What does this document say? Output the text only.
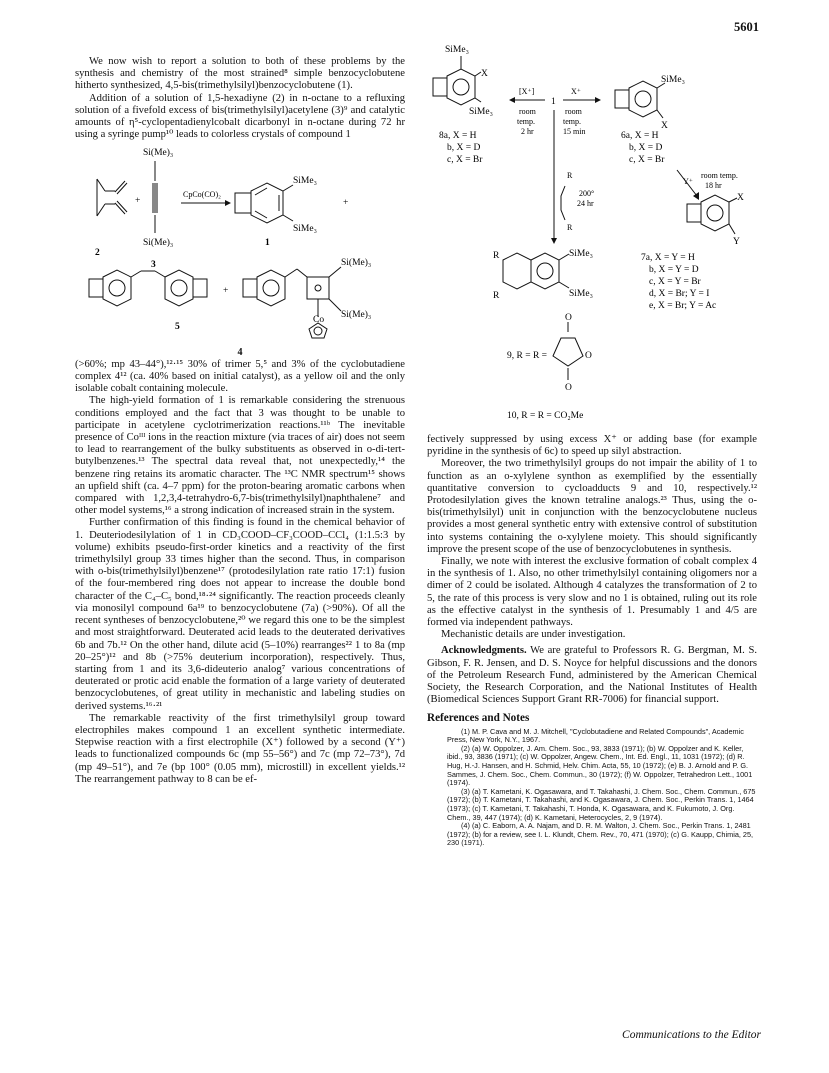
5601

We now wish to report a solution to both of these problems by the synthesis and chemistry of the most strained⁸ simple benzocyclobutene hitherto synthesized, 4,5-bis(trimethylsilyl)benzocyclobutene (1).

Addition of a solution of 1,5-hexadiyne (2) in n-octane to a refluxing solution of a fivefold excess of bis(trimethylsilyl)acetylene (3)⁹ and catalytic amounts of η⁵-cyclopentadienylcobalt dicarbonyl in n-octane during 72 hr using a syringe pump¹⁰ leads to colorless crystals of compound 1

2
+
Si(Me)₃
Si(Me)₃
3
CpCo(CO)₂
SiMe₃
SiMe₃
1
+
5
+
Si(Me)₃
Si(Me)₃
Co
4

(>60%; mp 43–44°),¹²·¹⁵ 30% of trimer 5,⁵ and 3% of the cyclobutadiene complex 4¹² (ca. 40% based on initial catalyst), as a yellow oil and the only isolable cobalt containing molecule.

The high-yield formation of 1 is remarkable considering the strenuous conditions employed and the fact that 3 was thought to be unable to participate in acetylene cyclotrimerization reactions.¹¹ᵇ The inevitable presence of Coᴵᴵᴵ ions in the reaction mixture (via traces of air) does not seem to lead to rearrangement of the bulky substituents as observed in o-di-tert-butylbenzenes.¹³ The spectral data reveal that, not unexpectedly,¹⁴ the benzene ring retains its aromatic character. The ¹³C NMR spectrum¹⁵ shows an upfield shift (ca. 4–7 ppm) for the proton-bearing aromatic carbons when compared with 1,2,3,4-tetrahydro-6,7-bis(trimethylsilyl)naphthalene⁷ and other model systems,¹⁶ a strong indication of increased strain in the system.

Further confirmation of this finding is found in the chemical behavior of 1. Deuteriodesilylation of 1 in CD₃COOD–CF₃COOD–CCl₄ (1:1.5:3 by volume) exhibits pseudo-first-order kinetics and a reactivity of the first trimethylsilyl group 33 times higher than the second. Thus, in comparison with o-bis(trimethylsilyl)benzene¹⁷ (protodesilylation rate ratio 17:1) fusion of the four-membered ring does not appear to increase the double bond character of the C₄–C₅ bond,¹⁸·²⁴ significantly. The reaction proceeds cleanly via monosilyl compound 6a¹⁹ to benzocyclobutene (7a) (>90%). Of all the recent syntheses of benzocyclobutene,²⁰ we regard this one to be the simplest and most straightforward. Deuterated acid leads to the deuterated derivatives 6b and 7b.¹² On the other hand, dilute acid (5–10%) rearranges²² 1 to 8a (mp 20–25°)¹² and 8b (>75% deuterium incorporation), respectively. Thus, starting from 1 and its 3,6-dideuterio analog⁷ various concentrations of deuterated or protic acid enable the formation of a large variety of deuterated benzocyclobutenes, of great utility in mechanistic and labeling studies on derived systems.¹⁶·²¹

The remarkable reactivity of the first trimethylsilyl group toward electrophiles makes compound 1 an excellent synthetic intermediate. Stepwise reaction with a first electrophile (X⁺) followed by a second (Y⁺) leads to functionalized compounds 6c (mp 55–56°) and 7c (mp 72–73°), 7d (mp 49–51°), and 7e (bp 100° (0.05 mm), microstill) in excellent yields.¹² The rearrangement pathway to 8 can be ef-

SiMe₃
X
SiMe₃
8a, X = H
b, X = D
c, X = Br
[X⁺]
1
X⁺
room
temp.
2 hr
room
temp.
15 min
R
R
200°
24 hr
SiMe₃
X
6a, X = H
b, X = D
c, X = Br
Y⁺
room temp.
18 hr
X
Y
R
R
SiMe₃
SiMe₃
7a, X = Y = H
b, X = Y = D
c, X = Y = Br
d, X = Br; Y = I
e, X = Br; Y = Ac
O
9, R = R =	O
O
10, R = R = CO₂Me

fectively suppressed by using excess X⁺ or adding base (for example pyridine in the synthesis of 6c) to speed up silyl abstraction.

Moreover, the two trimethylsilyl groups do not impair the ability of 1 to function as an o-xylylene synthon as exemplified by the essentially quantitative conversion to cycloadducts 9 and 10, respectively.¹² Protodesilylation gives the known tetraline analogs.²³ Thus, using the o-bis(trimethylsilyl) unit in conjunction with the benzocyclobutene nucleus provides a most general synthetic entry with extensive control of substitution into systems containing the o-xylylene moiety. This should significantly improve the present scope of the use of benzocyclobutenes in synthesis.

Finally, we note with interest the exclusive formation of cobalt complex 4 in the synthesis of 1. Also, no other trimethylsilyl containing oligomers nor a dimer of 2 could be isolated. Although 4 catalyzes the transformation of 2 to 5, the rate of this process is very slow and no 1 is obtained, ruling out its role as the effective catalyst in the synthesis of 1. Presumably 1 and 4/5 are formed via independent pathways.

Mechanistic details are under investigation.

Acknowledgments. We are grateful to Professors R. G. Bergman, M. S. Gibson, F. R. Jensen, and D. S. Noyce for helpful discussions and the donors of the Petroleum Research Fund, administered by the American Chemical Society, the Research Corporation, and the National Institutes of Health (Biomedical Sciences Support Grant RR-7006) for financial support.

References and Notes

(1) M. P. Cava and M. J. Mitchell, "Cyclobutadiene and Related Compounds", Academic Press, New York, N.Y., 1967.

(2) (a) W. Oppolzer, J. Am. Chem. Soc., 93, 3833 (1971); (b) W. Oppolzer and K. Keller, ibid., 93, 3836 (1971); (c) W. Oppolzer, Angew. Chem., Int. Ed. Engl., 11, 1031 (1972); (d) R. Hug, H.-J. Hansen, and H. Schmid, Helv. Chim. Acta, 55, 10 (1972); (e) B. J. Arnold and P. G. Sammes, J. Chem. Soc., Chem. Commun., 30 (1972); (f) W. Oppolzer, Tetrahedron Lett., 1001 (1974).

(3) (a) T. Kametani, K. Ogasawara, and T. Takahashi, J. Chem. Soc., Chem. Commun., 675 (1972); (b) T. Kametani, T. Takahashi, and K. Ogasawara, J. Chem. Soc., Perkin Trans. 1, 1464 (1973); (c) T. Kametani, T. Takahashi, T. Honda, K. Ogasawara, and K. Fukumoto, J. Org. Chem., 39, 447 (1974); (d) K. Kametani, Heterocycles, 2, 9 (1974).

(4) (a) C. Eaborn, A. A. Najam, and D. R. M. Walton, J. Chem. Soc., Perkin Trans. 1, 2481 (1972); (b) for a review, see I. L. Klundt, Chem. Rev., 70, 471 (1970); (c) G. Kaupp, Chimia, 25, 230 (1971).

Communications to the Editor
